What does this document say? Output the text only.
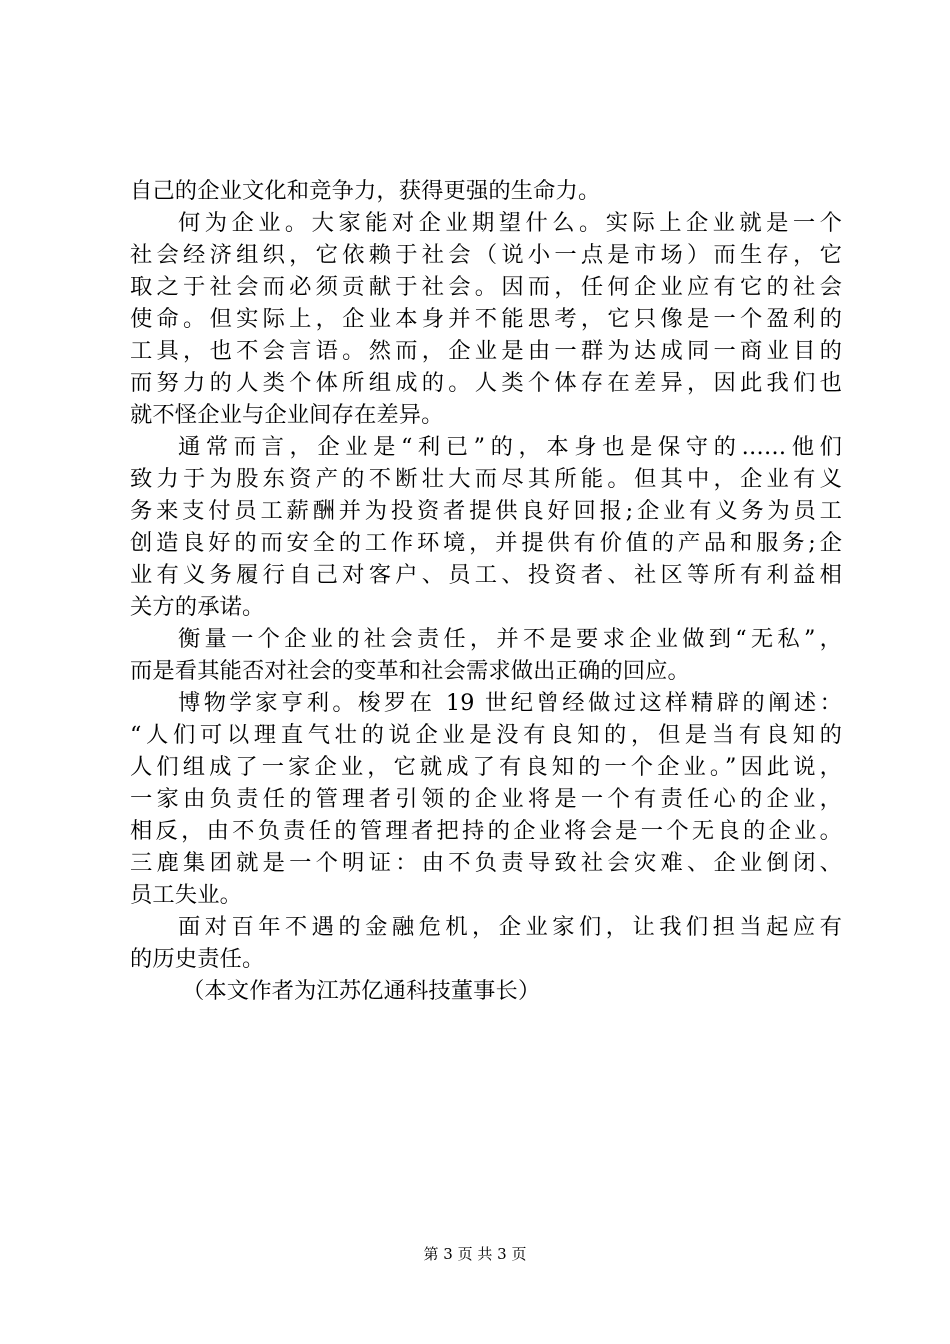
自己的企业文化和竞争力，获得更强的生命力。
何为企业。大家能对企业期望什么。实际上企业就是一个
社会经济组织，它依赖于社会（说小一点是市场）而生存，它
取之于社会而必须贡献于社会。因而，任何企业应有它的社会
使命。但实际上，企业本身并不能思考，它只像是一个盈利的
工具，也不会言语。然而，企业是由一群为达成同一商业目的
而努力的人类个体所组成的。人类个体存在差异，因此我们也
就不怪企业与企业间存在差异。
通常而言，企业是“利已”的，本身也是保守的……他们
致力于为股东资产的不断壮大而尽其所能。但其中，企业有义
务来支付员工薪酬并为投资者提供良好回报;企业有义务为员工
创造良好的而安全的工作环境，并提供有价值的产品和服务;企
业有义务履行自己对客户、员工、投资者、社区等所有利益相
关方的承诺。
衡量一个企业的社会责任，并不是要求企业做到“无私”，
而是看其能否对社会的变革和社会需求做出正确的回应。
博物学家亨利。梭罗在 19 世纪曾经做过这样精辟的阐述：
“人们可以理直气壮的说企业是没有良知的，但是当有良知的
人们组成了一家企业，它就成了有良知的一个企业。”因此说，
一家由负责任的管理者引领的企业将是一个有责任心的企业，
相反，由不负责任的管理者把持的企业将会是一个无良的企业。
三鹿集团就是一个明证：由不负责导致社会灾难、企业倒闭、
员工失业。
面对百年不遇的金融危机，企业家们，让我们担当起应有
的历史责任。
（本文作者为江苏亿通科技董事长）
第 3 页 共 3 页
